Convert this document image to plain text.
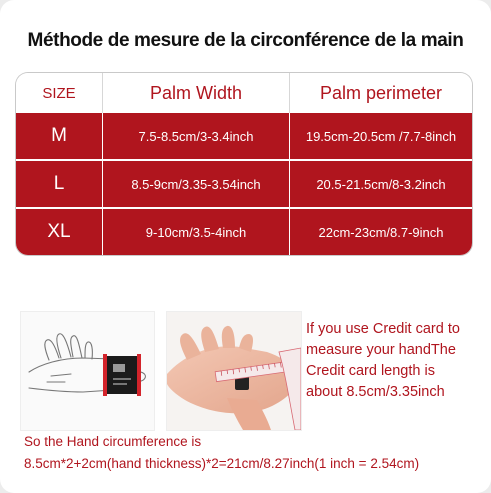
Méthode de mesure de la circonférence de la main
SIZE	Palm Width	Palm perimeter
M	7.5-8.5cm/3-3.4inch	19.5cm-20.5cm /7.7-8inch
L	8.5-9cm/3.35-3.54inch	20.5-21.5cm/8-3.2inch
XL	9-10cm/3.5-4inch	22cm-23cm/8.7-9inch
If you use Credit card to
measure your handThe
Credit card length is
about 8.5cm/3.35inch
So the Hand circumference is
8.5cm*2+2cm(hand thickness)*2=21cm/8.27inch(1 inch = 2.54cm)
